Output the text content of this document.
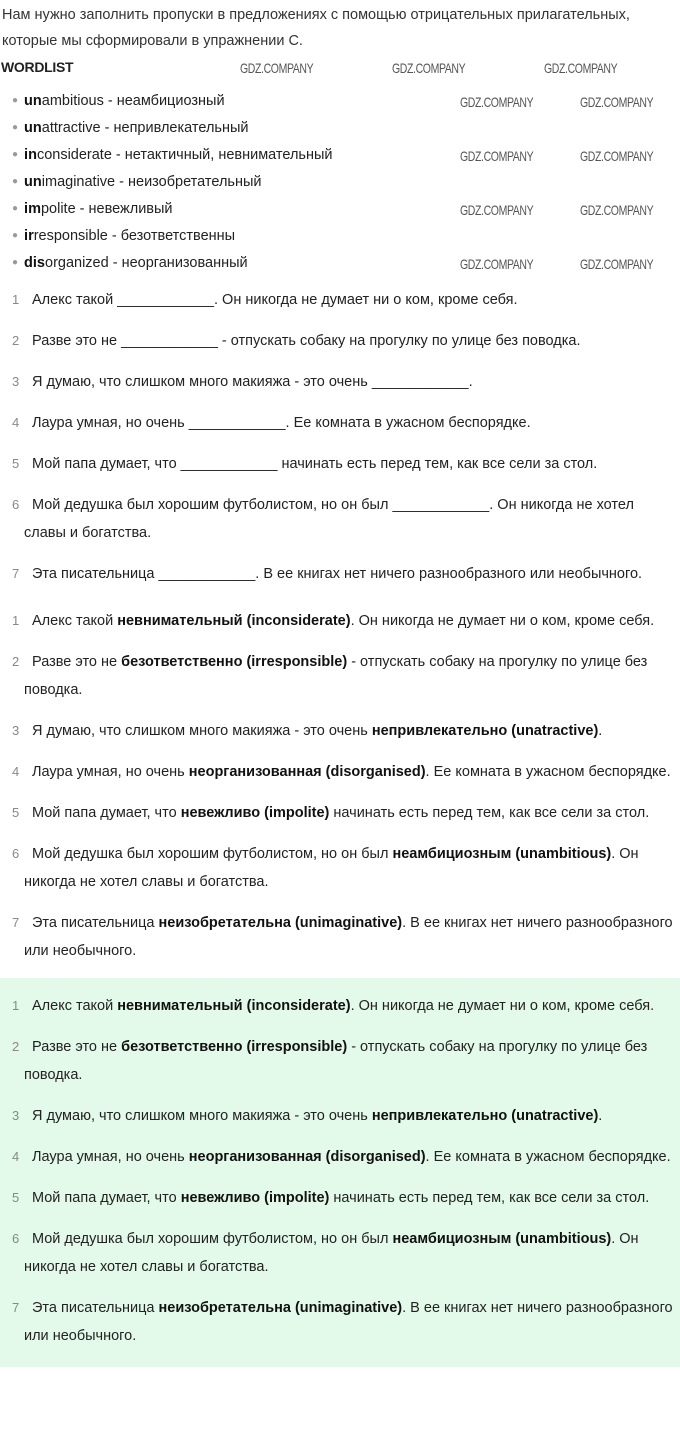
Нам нужно заполнить пропуски в предложениях с помощью отрицательных прилагательных, которые мы сформировали в упражнении C.
WORDLIST
● unambitious - неамбициозный
● unattractive - непривлекательный
● inconsiderate - нетактичный, невнимательный
● unimaginative - неизобретательный
● impolite - невежливый
● irresponsible - безответственны
● disorganized - неорганизованный
GDZ.COMPANY	GDZ.COMPANY	GDZ.COMPANY
GDZ.COMPANY	GDZ.COMPANY
GDZ.COMPANY	GDZ.COMPANY
GDZ.COMPANY	GDZ.COMPANY
GDZ.COMPANY	GDZ.COMPANY
1 Алекс такой ____________. Он никогда не думает ни о ком, кроме себя.
2 Разве это не ____________ - отпускать собаку на прогулку по улице без поводка.
3 Я думаю, что слишком много макияжа - это очень ____________.
4 Лаура умная, но очень ____________. Ее комната в ужасном беспорядке.
5 Мой папа думает, что ____________ начинать есть перед тем, как все сели за стол.
6 Мой дедушка был хорошим футболистом, но он был ____________. Он никогда не хотел славы и богатства.
7 Эта писательница ____________. В ее книгах нет ничего разнообразного или необычного.
1 Алекс такой невнимательный (inconsiderate). Он никогда не думает ни о ком, кроме себя.
2 Разве это не безответственно (irresponsible) - отпускать собаку на прогулку по улице без поводка.
3 Я думаю, что слишком много макияжа - это очень непривлекательно (unatractive).
4 Лаура умная, но очень неорганизованная (disorganised). Ее комната в ужасном беспорядке.
5 Мой папа думает, что невежливо (impolite) начинать есть перед тем, как все сели за стол.
6 Мой дедушка был хорошим футболистом, но он был неамбициозным (unambitious). Он никогда не хотел славы и богатства.
7 Эта писательница неизобретательна (unimaginative). В ее книгах нет ничего разнообразного или необычного.
1 Алекс такой невнимательный (inconsiderate). Он никогда не думает ни о ком, кроме себя.
2 Разве это не безответственно (irresponsible) - отпускать собаку на прогулку по улице без поводка.
3 Я думаю, что слишком много макияжа - это очень непривлекательно (unatractive).
4 Лаура умная, но очень неорганизованная (disorganised). Ее комната в ужасном беспорядке.
5 Мой папа думает, что невежливо (impolite) начинать есть перед тем, как все сели за стол.
6 Мой дедушка был хорошим футболистом, но он был неамбициозным (unambitious). Он никогда не хотел славы и богатства.
7 Эта писательница неизобретательна (unimaginative). В ее книгах нет ничего разнообразного или необычного.
